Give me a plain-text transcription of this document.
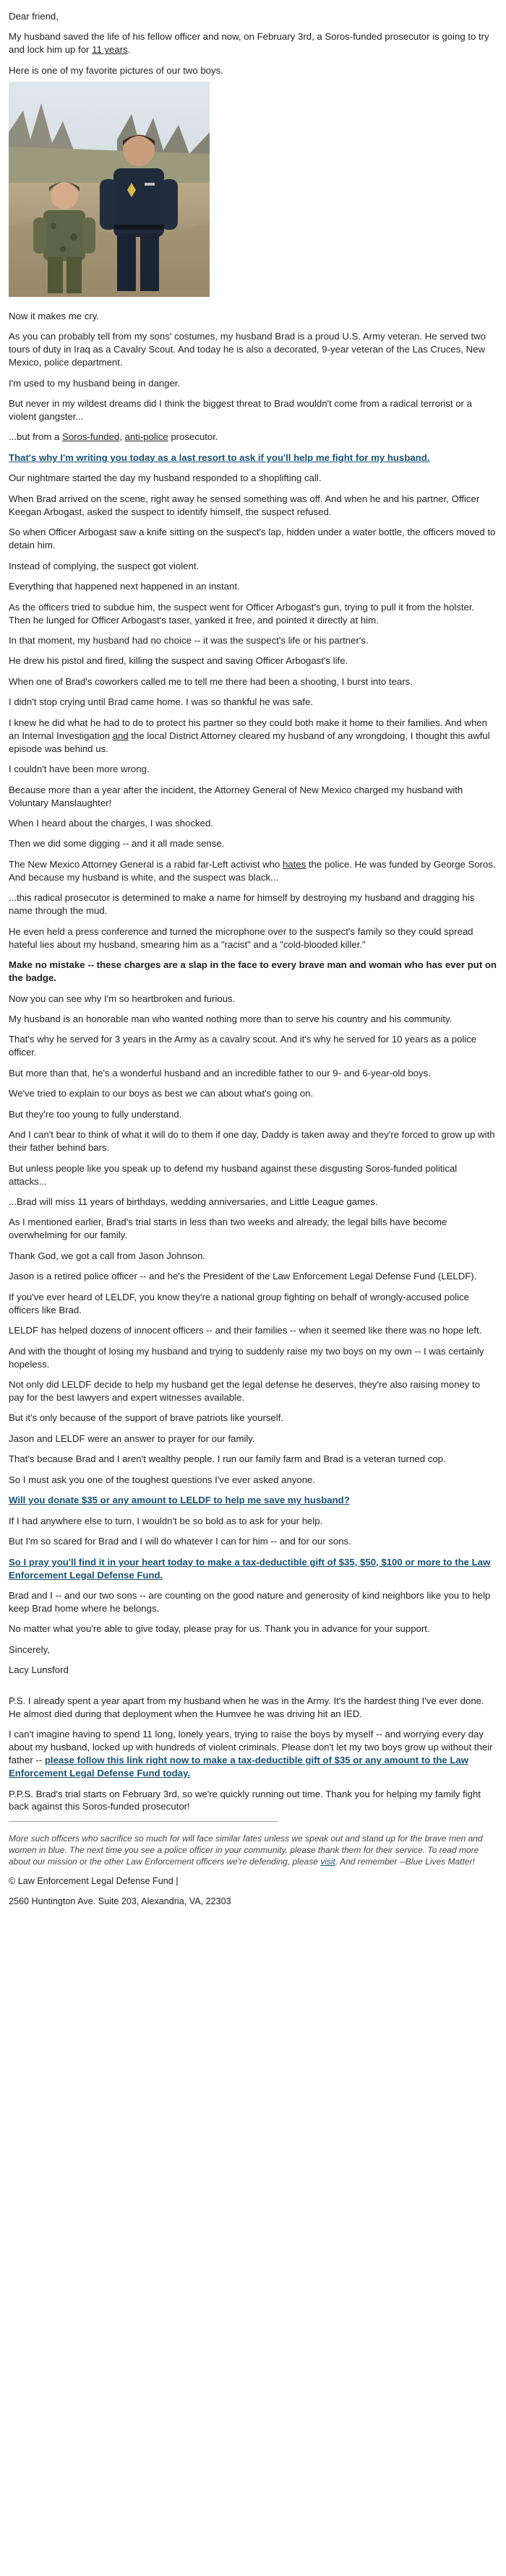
Dear friend,

My husband saved the life of his fellow officer and now, on February 3rd, a Soros-funded prosecutor is going to try and lock him up for 11 years.

Here is one of my favorite pictures of our two boys.

Now it makes me cry.

As you can probably tell from my sons' costumes, my husband Brad is a proud U.S. Army veteran. He served two tours of duty in Iraq as a Cavalry Scout. And today he is also a decorated, 9-year veteran of the Las Cruces, New Mexico, police department.

I'm used to my husband being in danger.

But never in my wildest dreams did I think the biggest threat to Brad wouldn't come from a radical terrorist or a violent gangster...

...but from a Soros-funded, anti-police prosecutor.

That's why I'm writing you today as a last resort to ask if you'll help me fight for my husband.

Our nightmare started the day my husband responded to a shoplifting call.

When Brad arrived on the scene, right away he sensed something was off. And when he and his partner, Officer Keegan Arbogast, asked the suspect to identify himself, the suspect refused.

So when Officer Arbogast saw a knife sitting on the suspect's lap, hidden under a water bottle, the officers moved to detain him.

Instead of complying, the suspect got violent.

Everything that happened next happened in an instant.

As the officers tried to subdue him, the suspect went for Officer Arbogast's gun, trying to pull it from the holster. Then he lunged for Officer Arbogast's taser, yanked it free, and pointed it directly at him.

In that moment, my husband had no choice -- it was the suspect's life or his partner's.

He drew his pistol and fired, killing the suspect and saving Officer Arbogast's life.

When one of Brad's coworkers called me to tell me there had been a shooting, I burst into tears.

I didn't stop crying until Brad came home. I was so thankful he was safe.

I knew he did what he had to do to protect his partner so they could both make it home to their families. And when an Internal Investigation and the local District Attorney cleared my husband of any wrongdoing, I thought this awful episode was behind us.

I couldn't have been more wrong.

Because more than a year after the incident, the Attorney General of New Mexico charged my husband with Voluntary Manslaughter!

When I heard about the charges, I was shocked.

Then we did some digging -- and it all made sense.

The New Mexico Attorney General is a rabid far-Left activist who hates the police. He was funded by George Soros. And because my husband is white, and the suspect was black...

...this radical prosecutor is determined to make a name for himself by destroying my husband and dragging his name through the mud.

He even held a press conference and turned the microphone over to the suspect's family so they could spread hateful lies about my husband, smearing him as a "racist" and a "cold-blooded killer."

Make no mistake -- these charges are a slap in the face to every brave man and woman who has ever put on the badge.

Now you can see why I'm so heartbroken and furious.

My husband is an honorable man who wanted nothing more than to serve his country and his community.

That's why he served for 3 years in the Army as a cavalry scout. And it's why he served for 10 years as a police officer.

But more than that, he's a wonderful husband and an incredible father to our 9- and 6-year-old boys.

We've tried to explain to our boys as best we can about what's going on.

But they're too young to fully understand.

And I can't bear to think of what it will do to them if one day, Daddy is taken away and they're forced to grow up with their father behind bars.

But unless people like you speak up to defend my husband against these disgusting Soros-funded political attacks...

...Brad will miss 11 years of birthdays, wedding anniversaries, and Little League games.

As I mentioned earlier, Brad's trial starts in less than two weeks and already, the legal bills have become overwhelming for our family.

Thank God, we got a call from Jason Johnson.

Jason is a retired police officer -- and he's the President of the Law Enforcement Legal Defense Fund (LELDF).

If you've ever heard of LELDF, you know they're a national group fighting on behalf of wrongly-accused police officers like Brad.

LELDF has helped dozens of innocent officers -- and their families -- when it seemed like there was no hope left.

And with the thought of losing my husband and trying to suddenly raise my two boys on my own -- I was certainly hopeless.

Not only did LELDF decide to help my husband get the legal defense he deserves, they're also raising money to pay for the best lawyers and expert witnesses available.

But it's only because of the support of brave patriots like yourself.

Jason and LELDF were an answer to prayer for our family.

That's because Brad and I aren't wealthy people. I run our family farm and Brad is a veteran turned cop.

So I must ask you one of the toughest questions I've ever asked anyone.

Will you donate $35 or any amount to LELDF to help me save my husband?

If I had anywhere else to turn, I wouldn't be so bold as to ask for your help.

But I'm so scared for Brad and I will do whatever I can for him -- and for our sons.

So I pray you'll find it in your heart today to make a tax-deductible gift of $35, $50, $100 or more to the Law Enforcement Legal Defense Fund.

Brad and I -- and our two sons -- are counting on the good nature and generosity of kind neighbors like you to help keep Brad home where he belongs.

No matter what you're able to give today, please pray for us. Thank you in advance for your support.

Sincerely,

Lacy Lunsford

P.S. I already spent a year apart from my husband when he was in the Army. It's the hardest thing I've ever done. He almost died during that deployment when the Humvee he was driving hit an IED.

I can't imagine having to spend 11 long, lonely years, trying to raise the boys by myself -- and worrying every day about my husband, locked up with hundreds of violent criminals. Please don't let my two boys grow up without their father -- please follow this link right now to make a tax-deductible gift of $35 or any amount to the Law Enforcement Legal Defense Fund today.

P.P.S. Brad's trial starts on February 3rd, so we're quickly running out time. Thank you for helping my family fight back against this Soros-funded prosecutor!

More such officers who sacrifice so much for will face similar fates unless we speak out and stand up for the brave men and women in blue. The next time you see a police officer in your community, please thank them for their service. To read more about our mission or the other Law Enforcement officers we're defending, please visit. And remember --Blue Lives Matter!

© Law Enforcement Legal Defense Fund |

2560 Huntington Ave. Suite 203, Alexandria, VA, 22303
